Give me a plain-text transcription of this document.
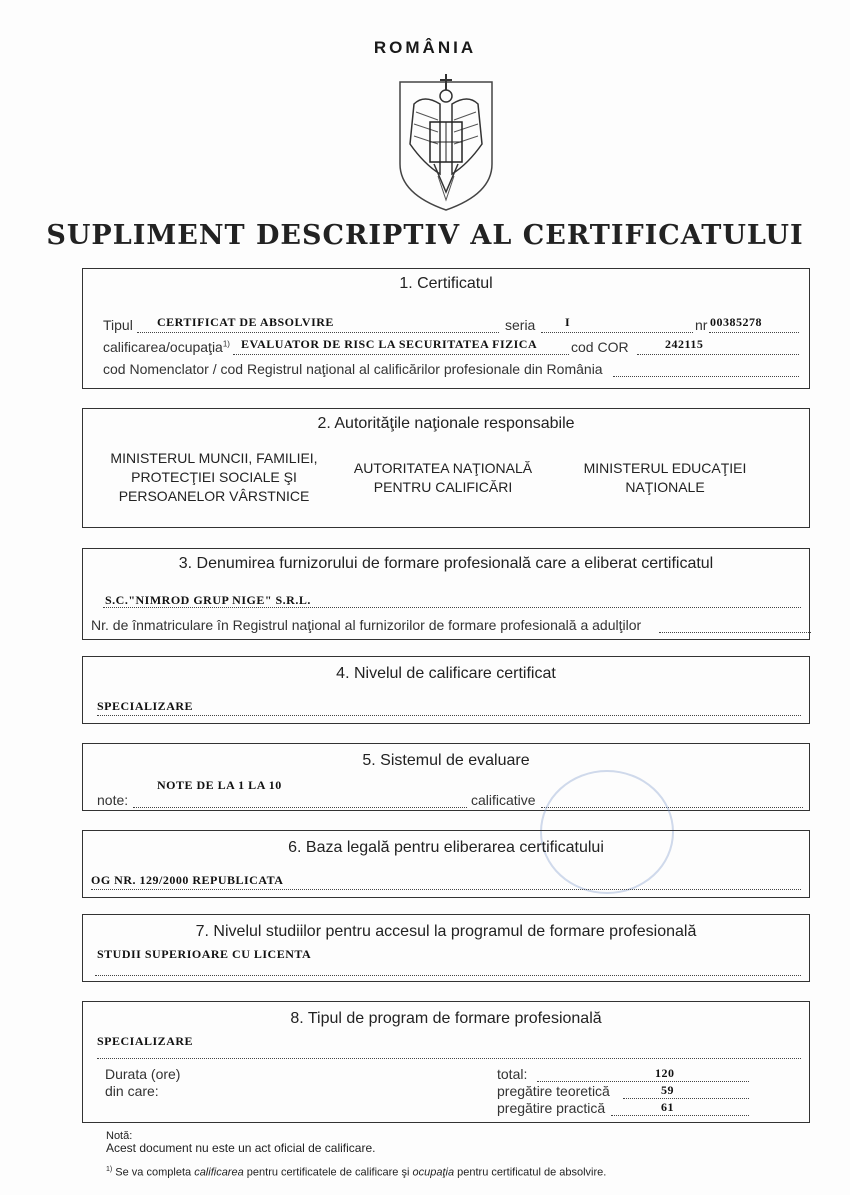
ROMÂNIA
SUPLIMENT DESCRIPTIV AL CERTIFICATULUI
1. Certificatul
Tipul CERTIFICAT DE ABSOLVIRE	seria I	nr 00385278
calificarea/ocupaţia$^{1)}$ EVALUATOR DE RISC LA SECURITATEA FIZICA cod COR	242115
cod Nomenclator / cod Registrul naţional al calificărilor profesionale din România
2. Autorităţile naţionale responsabile
MINISTERUL MUNCII, FAMILIEI, PROTECŢIEI SOCIALE ŞI PERSOANELOR VÂRSTNICE
AUTORITATEA NAŢIONALĂ PENTRU CALIFICĂRI
MINISTERUL EDUCAŢIEI NAŢIONALE
3. Denumirea furnizorului de formare profesională care a eliberat certificatul
S.C."NIMROD GRUP NIGE" S.R.L.
Nr. de înmatriculare în Registrul naţional al furnizorilor de formare profesională a adulţilor
4. Nivelul de calificare certificat
SPECIALIZARE
5. Sistemul de evaluare
NOTE DE LA 1 LA 10
note:	calificative
6. Baza legală pentru eliberarea certificatului
OG NR. 129/2000 REPUBLICATA
7. Nivelul studiilor pentru accesul la programul de formare profesională
STUDII SUPERIOARE CU LICENTA
8. Tipul de program de formare profesională
SPECIALIZARE
Durata (ore)
din care:
total:	120
pregătire teoretică	59
pregătire practică	61
Notă:
Acest document nu este un act oficial de calificare.
$^{1)}$ Se va completa calificarea pentru certificatele de calificare şi ocupaţia pentru certificatul de absolvire.
